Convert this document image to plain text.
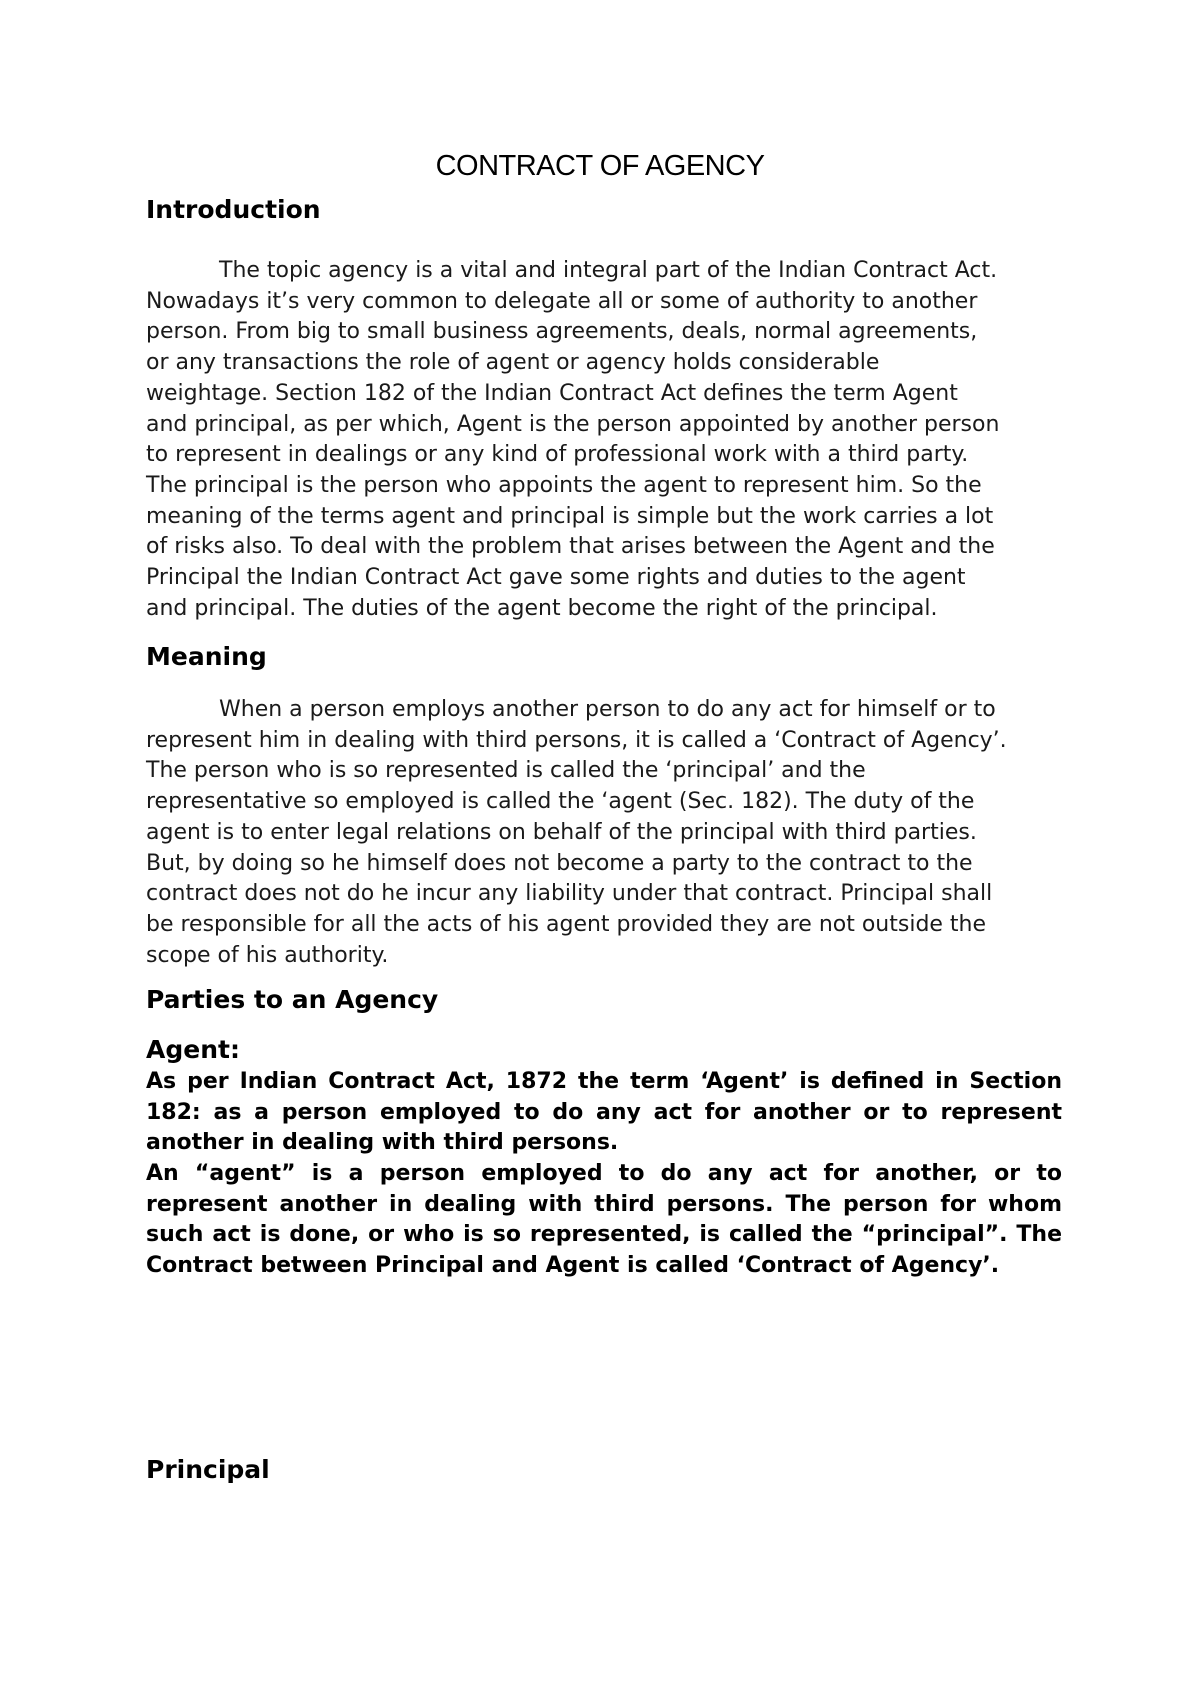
CONTRACT OF AGENCY
Introduction
The topic agency is a vital and integral part of the Indian Contract Act.
Nowadays it’s very common to delegate all or some of authority to another
person. From big to small business agreements, deals, normal agreements,
or any transactions the role of agent or agency holds considerable
weightage. Section 182 of the Indian Contract Act defines the term Agent
and principal, as per which, Agent is the person appointed by another person
to represent in dealings or any kind of professional work with a third party.
The principal is the person who appoints the agent to represent him. So the
meaning of the terms agent and principal is simple but the work carries a lot
of risks also. To deal with the problem that arises between the Agent and the
Principal the Indian Contract Act gave some rights and duties to the agent
and principal. The duties of the agent become the right of the principal.
Meaning
When a person employs another person to do any act for himself or to
represent him in dealing with third persons, it is called a ‘Contract of Agency’.
The person who is so represented is called the ‘principal’ and the
representative so employed is called the ‘agent (Sec. 182). The duty of the
agent is to enter legal relations on behalf of the principal with third parties.
But, by doing so he himself does not become a party to the contract to the
contract does not do he incur any liability under that contract. Principal shall
be responsible for all the acts of his agent provided they are not outside the
scope of his authority.
Parties to an Agency
Agent:

As per Indian Contract Act, 1872 the term ‘Agent’ is defined in Section 182: as a person employed to do any act for another or to represent another in dealing with third persons.

An “agent” is a person employed to do any act for another, or to represent another in dealing with third persons. The person for whom such act is done, or who is so represented, is called the “principal”. The Contract between Principal and Agent is called ‘Contract of Agency’.

Principal
